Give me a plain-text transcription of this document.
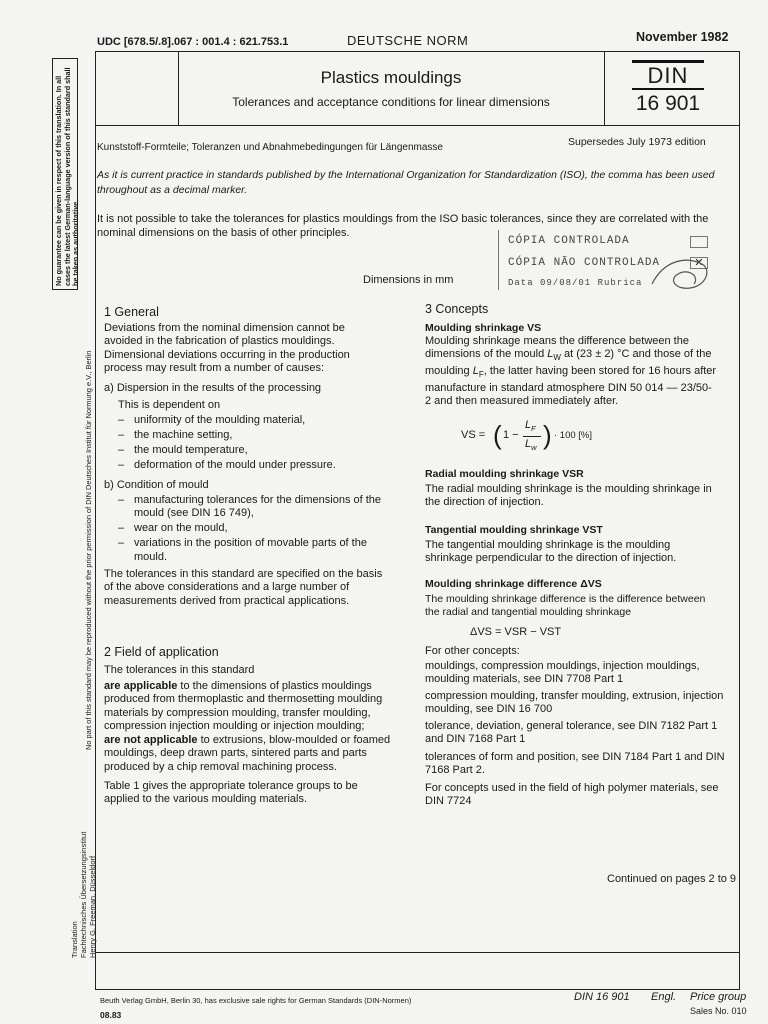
UDC [678.5/.8].067 : 001.4 : 621.753.1	DEUTSCHE NORM	November 1982
Plastics mouldings
Tolerances and acceptance conditions for linear dimensions
DIN
16 901
Kunststoff-Formteile; Toleranzen und Abnahmebedingungen für Längenmasse	Supersedes July 1973 edition
As it is current practice in standards published by the International Organization for Standardization (ISO), the comma has been used throughout as a decimal marker.
It is not possible to take the tolerances for plastics mouldings from the ISO basic tolerances, since they are correlated with the nominal dimensions on the basis of other principles.
CÓPIA CONTROLADA
CÓPIA NÃO CONTROLADA	✕
Data 09/08/01 Rubrica
Dimensions in mm
1 General
Deviations from the nominal dimension cannot be avoided in the fabrication of plastics mouldings.
Dimensional deviations occurring in the production process may result from a number of causes:
a) Dispersion in the results of the processing
This is dependent on
– uniformity of the moulding material,
– the machine setting,
– the mould temperature,
– deformation of the mould under pressure.
b) Condition of mould
– manufacturing tolerances for the dimensions of the mould (see DIN 16 749),
– wear on the mould,
– variations in the position of movable parts of the mould.
The tolerances in this standard are specified on the basis of the above considerations and a large number of measurements derived from practical applications.
2 Field of application
The tolerances in this standard
are applicable to the dimensions of plastics mouldings produced from thermoplastic and thermosetting moulding materials by compression moulding, transfer moulding, compression injection moulding or injection moulding;
are not applicable to extrusions, blow-moulded or foamed mouldings, deep drawn parts, sintered parts and parts produced by a chip removal machining process.
Table 1 gives the appropriate tolerance groups to be applied to the various moulding materials.
3 Concepts
Moulding shrinkage VS
Moulding shrinkage means the difference between the dimensions of the mould $L_W$ at (23 ± 2) °C and those of the moulding $L_F$, the latter having been stored for 16 hours after manufacture in standard atmosphere DIN 50 014 — 23/50-2 and then measured immediately after.
VS = ( 1 −
$L_F$
$L_w$ ) · 100 [%]
Radial moulding shrinkage VSR
The radial moulding shrinkage is the moulding shrinkage in the direction of injection.
Tangential moulding shrinkage VST
The tangential moulding shrinkage is the moulding shrinkage perpendicular to the direction of injection.
Moulding shrinkage difference ΔVS
The moulding shrinkage difference is the difference between the radial and tangential moulding shrinkage
ΔVS = VSR − VST
For other concepts:
mouldings, compression mouldings, injection mouldings, moulding materials, see DIN 7708 Part 1
compression moulding, transfer moulding, extrusion, injection moulding, see DIN 16 700
tolerance, deviation, general tolerance, see DIN 7182 Part 1 and DIN 7168 Part 1
tolerances of form and position, see DIN 7184 Part 1 and DIN 7168 Part 2.
For concepts used in the field of high polymer materials, see DIN 7724
Continued on pages 2 to 9
Beuth Verlag GmbH, Berlin 30, has exclusive sale rights for German Standards (DIN-Normen)
08.83
DIN 16 901 Engl. Price group
Sales No. 010
No guarantee can be given in respect of this translation. In all cases the latest German-language version of this standard shall be taken as authoritative.
No part of this standard may be reproduced without the prior permission of DIN Deutsches Institut für Normung e.V., Berlin
Translation Fachtechnisches Übersetzungsinstitut Henry G. Freeman, Düsseldorf
